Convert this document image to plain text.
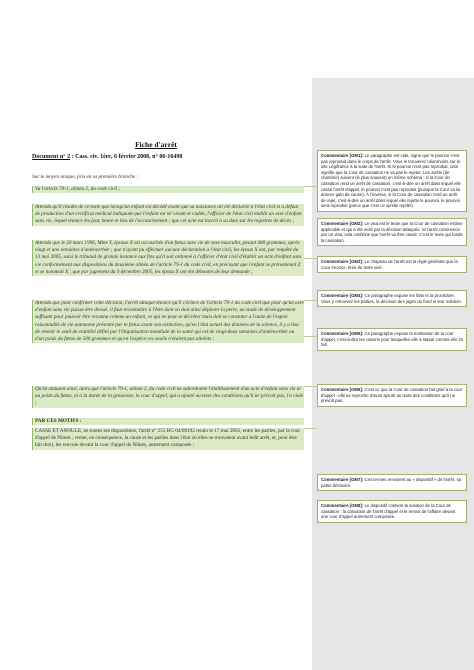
Fiche d'arrêt
Document n° 2 : Cass. civ. 1ère, 6 février 2008, n° 06-16498
Sur le moyen unique, pris en sa première branche :
Vu l'article 79-1, alinéa 2, du code civil ;
Attendu qu'il résulte de ce texte que lorsqu'un enfant est décédé avant que sa naissance ait été déclarée à l'état civil et à défaut de production d'un certificat médical indiquant que l'enfant est né vivant et viable, l'officier de l'état civil établit un acte d'enfant sans vie, lequel énonce les jour, heure et lieu de l'accouchement ; que cet acte est inscrit à sa date sur les registres de décès ;
Attendu que le 20 mars 1996, Mme Y, épouse X est accouchée d'un fœtus sans vie de sexe masculin, pesant 400 grammes, après vingt et une semaines d'aménorrhée ; que n'ayant pu effectuer aucune déclaration à l'état civil, les époux X ont, par requête du 13 mai 2005, saisi le tribunal de grande instance aux fins qu'il soit ordonné à l'officier d'état civil d'établir un acte d'enfant sans vie conformément aux dispositions du deuxième alinéa de l'article 79-1 du code civil, en précisant que l'enfant se prénommait Z et se nommait X ; que par jugement du 9 décembre 2005, les époux X ont été déboutés de leur demande ;
Attendu que pour confirmer cette décision, l'arrêt attaqué énonce qu'il s'évince de l'article 79-1 du code civil que pour qu'un acte d'enfant sans vie puisse être dressé, il faut reconnaître à l'être dont on doit ainsi déplorer la perte, un stade de développement suffisant pour pouvoir être reconnu comme un enfant, ce qui ne peut se décréter mais doit se constater à l'aune de l'espoir raisonnable de vie autonome présenté par le fœtus avant son extinction, qu'en l'état actuel des données de la science, il y a lieu de retenir le seuil de viabilité défini par l'Organisation mondiale de la santé qui est de vingt-deux semaines d'aménorrhée ou d'un poids du fœtus de 500 grammes et qu'en l'espèce ces seuils n'étaient pas atteints ;
Qu'en statuant ainsi, alors que l'article 79-1, alinéa 2, du code civil ne subordonne l'établissement d'un acte d'enfant sans vie ni au poids du fœtus, ni à la durée de la grossesse, la cour d'appel, qui a ajouté au texte des conditions qu'il ne prévoit pas, l'a violé ;
PAR CES MOTIFS :
CASSE ET ANNULE, en toutes ses dispositions, l'arrêt n° 255 RG 04/00192 rendu le 17 mai 2005, entre les parties, par la cour d'appel de Nîmes ; remet, en conséquence, la cause et les parties dans l'état où elles se trouvaient avant ledit arrêt, et, pour être fait droit, les renvoie devant la cour d'appel de Nîmes, autrement composée ;
Commentaire [GM1]: Le paragraphe est vide, signe que le pourvoi n'est pas reproduit dans le corps de l'arrêt. Vous le trouverez néanmoins sur le site Légifrance à la suite de l'arrêt. Si le pourvoi n'est pas reproduit, cela signifie que la Cour de cassation ne va pas le rejeter. Les arrêts (de chambre) suivent (le plus souvent) un même schéma : si la Cour de cassation rend un arrêt de cassation, c'est-à-dire un arrêt dans lequel elle casse l'arrêt d'appel, le pourvoi n'est pas reproduit (puisque la Cour va lui donner gain de cause). À l'inverse, si la Cour de cassation rend un arrêt de rejet, c'est-à-dire un arrêt dans lequel elle rejette le pourvoi, le pourvoi sera reproduit (parce que c'est ce qu'elle rejette).
Commentaire [GM2]: Le visa est le texte que la Cour de cassation estime applicable et qui a été violé par la décision attaquée. Si l'arrêt commence par un visa, cela confirme que l'arrêt va être cassé. C'est le texte qui fonde la cassation.
Commentaire [GM3]: Le chapeau de l'arrêt est la règle générale que la Cour énonce, tirée du texte visé.
Commentaire [GM4]: Ce paragraphe expose les faits et la procédure. Vous y retrouvez les parties, la décision des juges du fond et leur solution.
Commentaire [GM5]: Ce paragraphe expose la motivation de la cour d'appel, c'est-à-dire les raisons pour lesquelles elle a statué comme elle l'a fait.
Commentaire [GM6]: C'est ici que la Cour de cassation fait grief à la cour d'appel : elle lui reproche d'avoir ajouté au texte des conditions qu'il ne prévoit pas.
Commentaire [GM7]: Ces termes renvoient au « dispositif » de l'arrêt, sa partie décisoire.
Commentaire [GM8]: Le dispositif contient la solution de la Cour de cassation : la cassation de l'arrêt d'appel et le renvoi de l'affaire devant une cour d'appel autrement composée.
